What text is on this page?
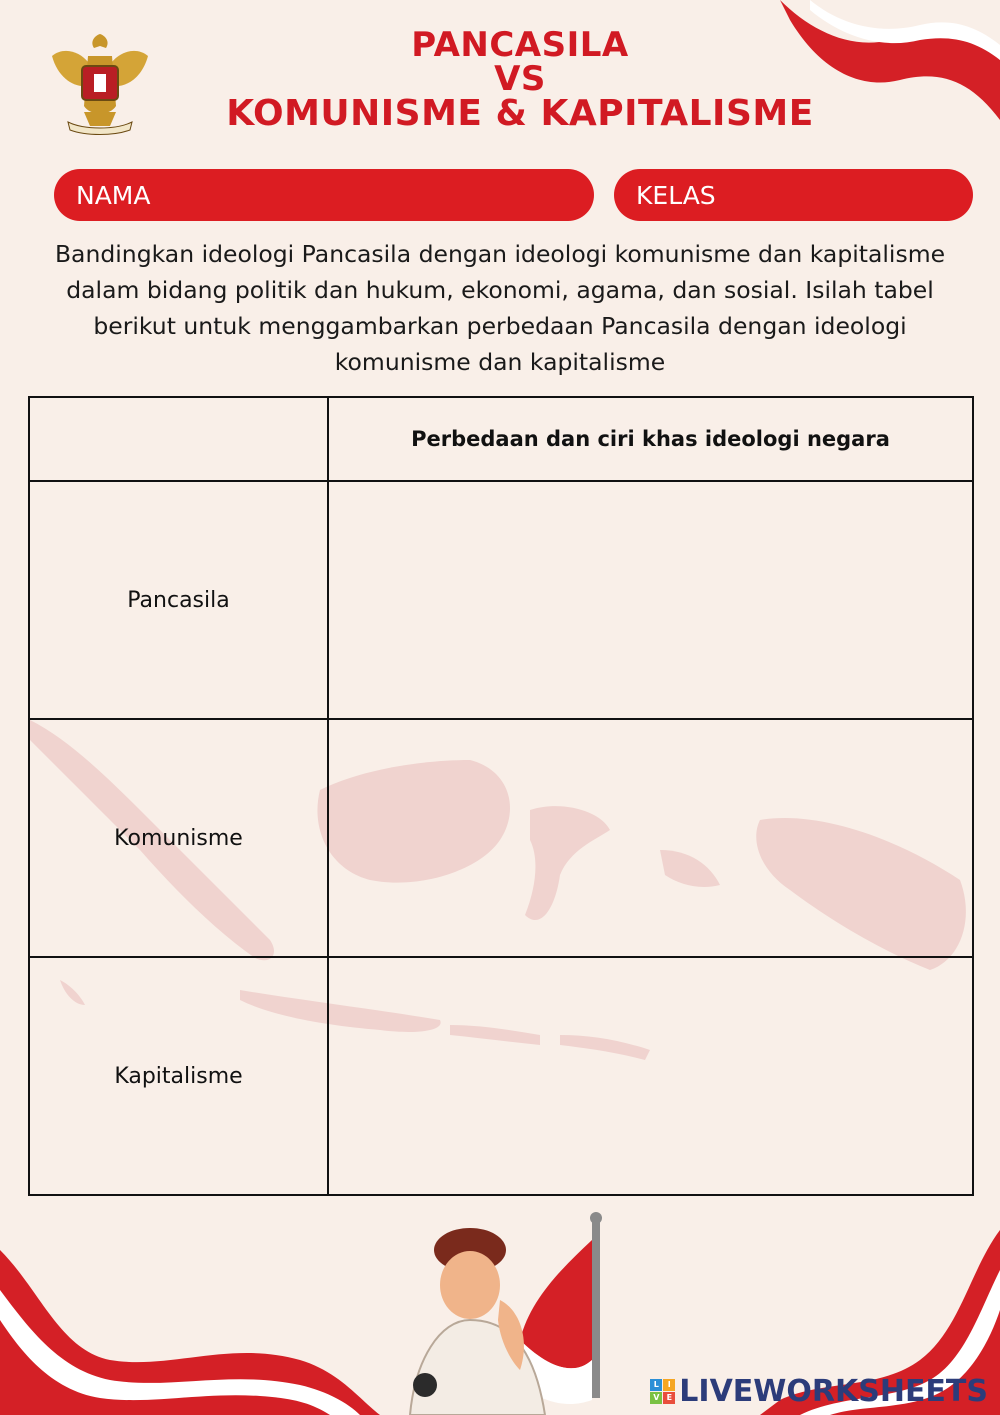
PANCASILA
VS
KOMUNISME & KAPITALISME
NAMA	KELAS
Bandingkan ideologi Pancasila dengan ideologi komunisme dan kapitalisme dalam bidang politik dan hukum, ekonomi, agama, dan sosial. Isilah tabel berikut untuk menggambarkan perbedaan Pancasila dengan ideologi komunisme dan kapitalisme
	Perbedaan dan ciri khas ideologi negara
Pancasila	
Komunisme	
Kapitalisme	
L	I
V E LIVEWORKSHEETS
